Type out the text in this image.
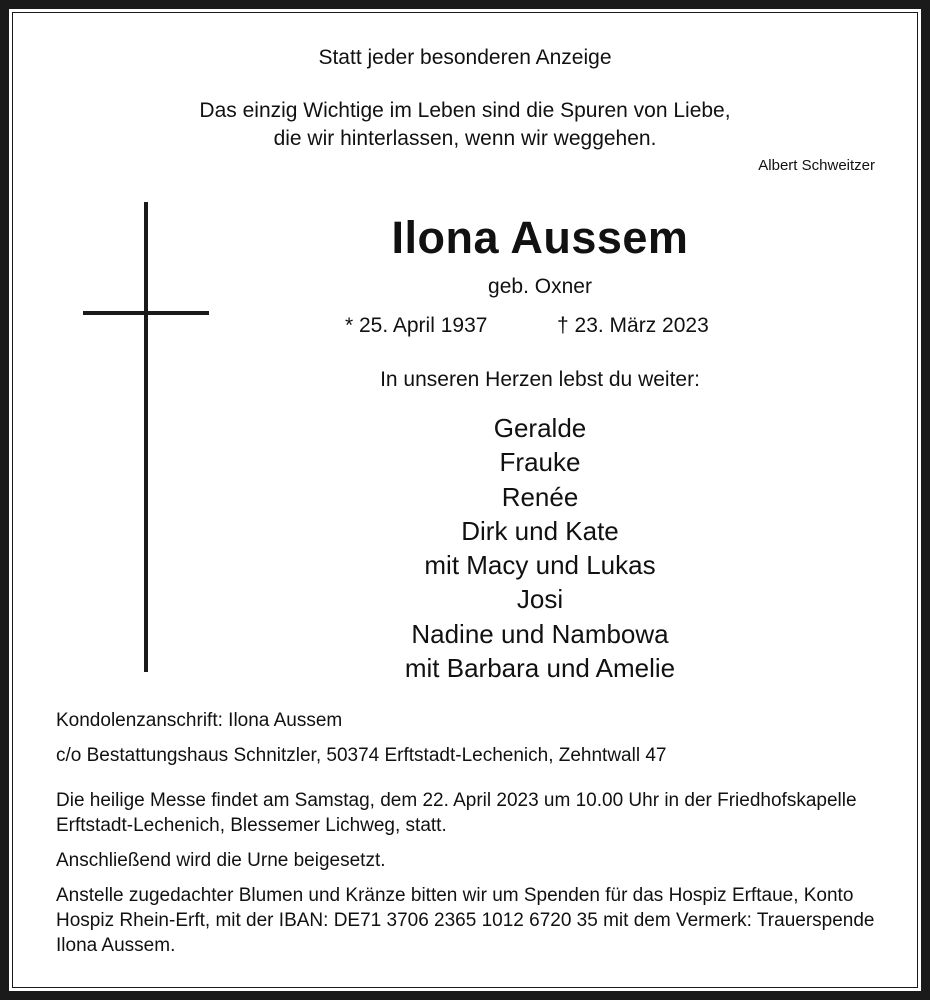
Statt jeder besonderen Anzeige
Das einzig Wichtige im Leben sind die Spuren von Liebe,
die wir hinterlassen, wenn wir weggehen.
Albert Schweitzer
Ilona Aussem
geb. Oxner
* 25. April 1937	† 23. März 2023
In unseren Herzen lebst du weiter:
Geralde
Frauke
Renée
Dirk und Kate
mit Macy und Lukas
Josi
Nadine und Nambowa
mit Barbara und Amelie
Kondolenzanschrift: Ilona Aussem
c/o Bestattungshaus Schnitzler, 50374 Erftstadt-Lechenich, Zehntwall 47
Die heilige Messe findet am Samstag, dem 22. April 2023 um 10.00 Uhr in der Friedhofskapelle Erftstadt-Lechenich, Blessemer Lichweg, statt.
Anschließend wird die Urne beigesetzt.
Anstelle zugedachter Blumen und Kränze bitten wir um Spenden für das Hospiz Erftaue, Konto Hospiz Rhein-Erft, mit der IBAN: DE71 3706 2365 1012 6720 35 mit dem Vermerk: Trauerspende Ilona Aussem.
